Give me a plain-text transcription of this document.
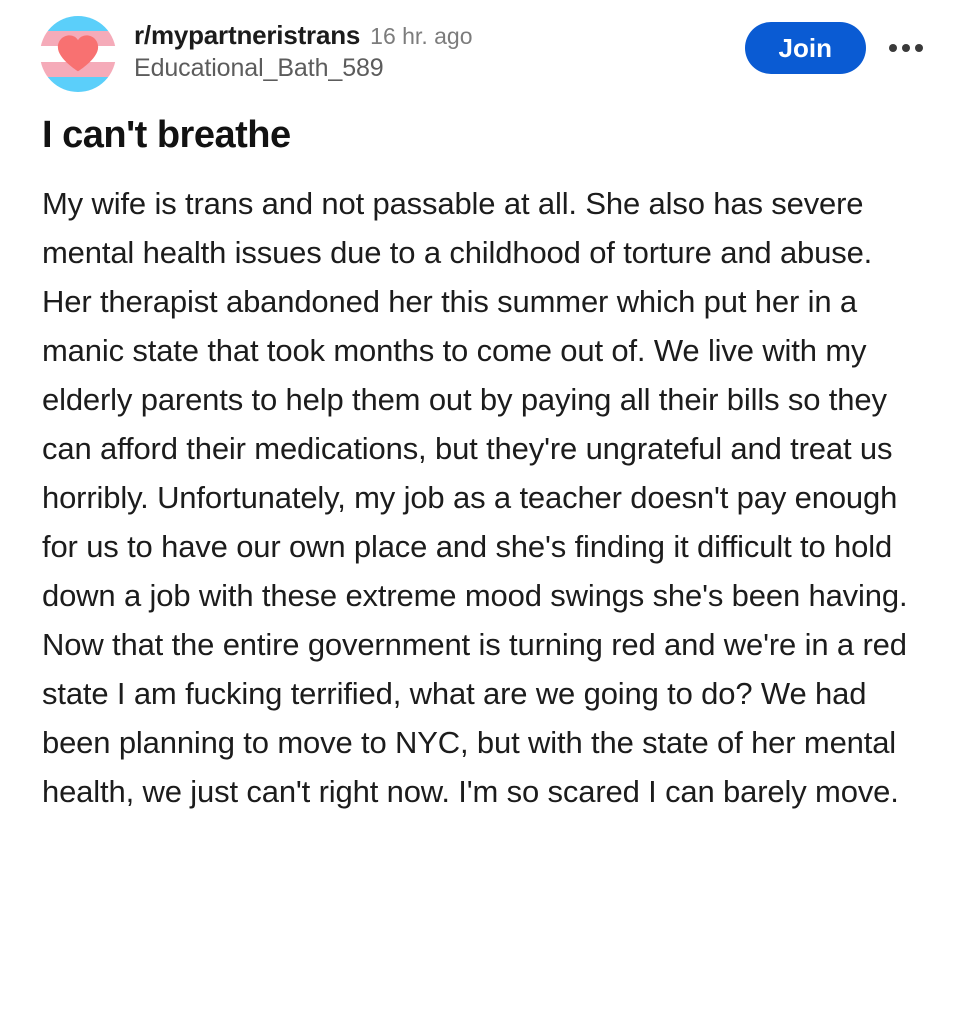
r/mypartneristrans 16 hr. ago
Educational_Bath_589
Join
I can't breathe
My wife is trans and not passable at all. She also has severe mental health issues due to a childhood of torture and abuse. Her therapist abandoned her this summer which put her in a manic state that took months to come out of. We live with my elderly parents to help them out by paying all their bills so they can afford their medications, but they're ungrateful and treat us horribly. Unfortunately, my job as a teacher doesn't pay enough for us to have our own place and she's finding it difficult to hold down a job with these extreme mood swings she's been having. Now that the entire government is turning red and we're in a red state I am fucking terrified, what are we going to do? We had been planning to move to NYC, but with the state of her mental health, we just can't right now. I'm so scared I can barely move.
